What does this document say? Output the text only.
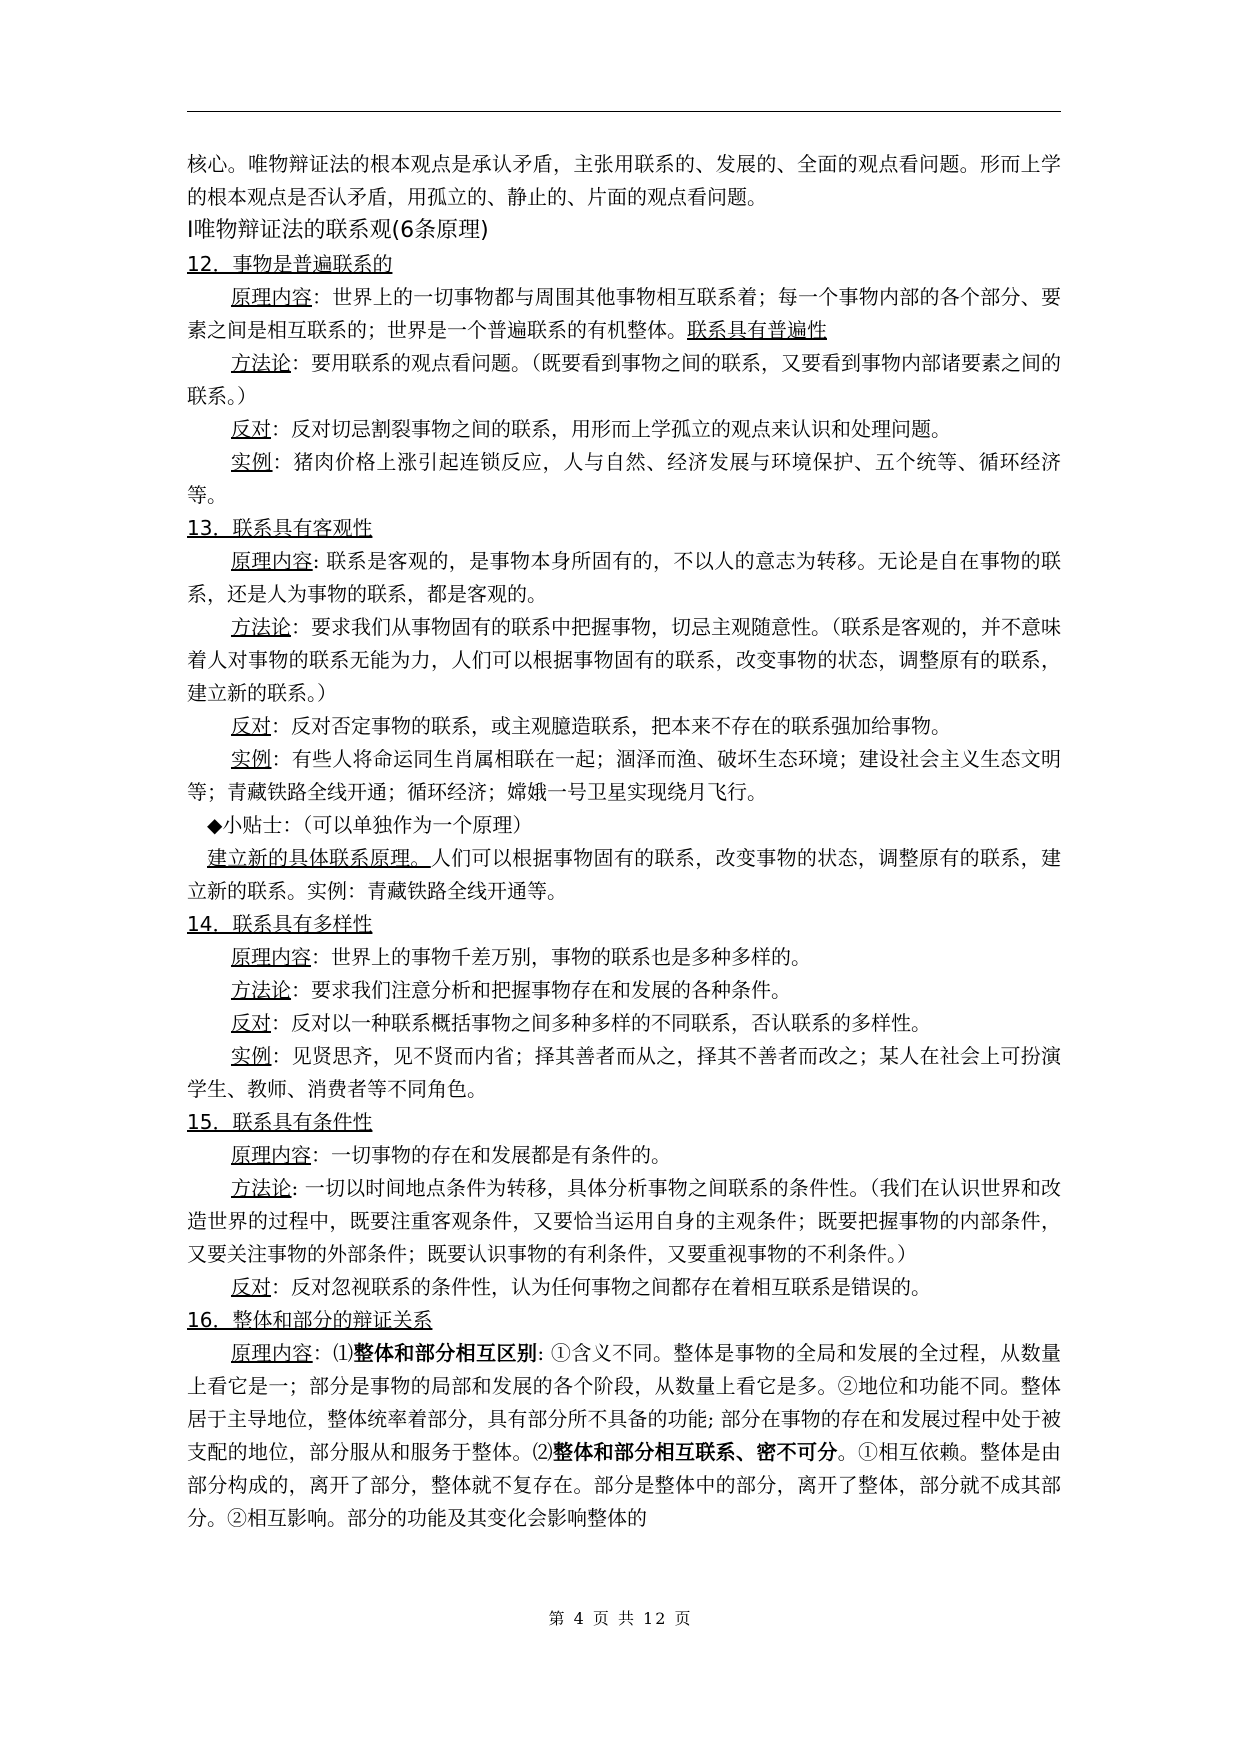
核心。唯物辩证法的根本观点是承认矛盾，主张用联系的、发展的、全面的观点看问题。形而上学的根本观点是否认矛盾，用孤立的、静止的、片面的观点看问题。

Ⅰ唯物辩证法的联系观(6条原理)

12．事物是普遍联系的

原理内容：世界上的一切事物都与周围其他事物相互联系着；每一个事物内部的各个部分、要素之间是相互联系的；世界是一个普遍联系的有机整体。联系具有普遍性

方法论：要用联系的观点看问题。（既要看到事物之间的联系，又要看到事物内部诸要素之间的联系。）

反对：反对切忌割裂事物之间的联系，用形而上学孤立的观点来认识和处理问题。

实例：猪肉价格上涨引起连锁反应，人与自然、经济发展与环境保护、五个统等、循环经济等。

13．联系具有客观性

原理内容: 联系是客观的，是事物本身所固有的，不以人的意志为转移。无论是自在事物的联系，还是人为事物的联系，都是客观的。

方法论：要求我们从事物固有的联系中把握事物，切忌主观随意性。（联系是客观的，并不意味着人对事物的联系无能为力，人们可以根据事物固有的联系，改变事物的状态，调整原有的联系，建立新的联系。）

反对：反对否定事物的联系，或主观臆造联系，把本来不存在的联系强加给事物。

实例：有些人将命运同生肖属相联在一起；涸泽而渔、破坏生态环境；建设社会主义生态文明等；青藏铁路全线开通；循环经济；嫦娥一号卫星实现绕月飞行。

◆小贴士：（可以单独作为一个原理）

建立新的具体联系原理。人们可以根据事物固有的联系，改变事物的状态，调整原有的联系，建立新的联系。实例：青藏铁路全线开通等。

14．联系具有多样性

原理内容：世界上的事物千差万别，事物的联系也是多种多样的。

方法论：要求我们注意分析和把握事物存在和发展的各种条件。

反对：反对以一种联系概括事物之间多种多样的不同联系，否认联系的多样性。

实例：见贤思齐，见不贤而内省；择其善者而从之，择其不善者而改之；某人在社会上可扮演学生、教师、消费者等不同角色。

15．联系具有条件性

原理内容：一切事物的存在和发展都是有条件的。

方法论: 一切以时间地点条件为转移，具体分析事物之间联系的条件性。（我们在认识世界和改造世界的过程中，既要注重客观条件，又要恰当运用自身的主观条件；既要把握事物的内部条件，又要关注事物的外部条件；既要认识事物的有利条件，又要重视事物的不利条件。）

反对：反对忽视联系的条件性，认为任何事物之间都存在着相互联系是错误的。

16．整体和部分的辩证关系

原理内容：⑴整体和部分相互区别: ①含义不同。整体是事物的全局和发展的全过程，从数量上看它是一；部分是事物的局部和发展的各个阶段，从数量上看它是多。②地位和功能不同。整体居于主导地位，整体统率着部分，具有部分所不具备的功能; 部分在事物的存在和发展过程中处于被支配的地位，部分服从和服务于整体。⑵整体和部分相互联系、密不可分。①相互依赖。整体是由部分构成的，离开了部分，整体就不复存在。部分是整体中的部分，离开了整体，部分就不成其部分。②相互影响。部分的功能及其变化会影响整体的

第 4 页 共 12 页
